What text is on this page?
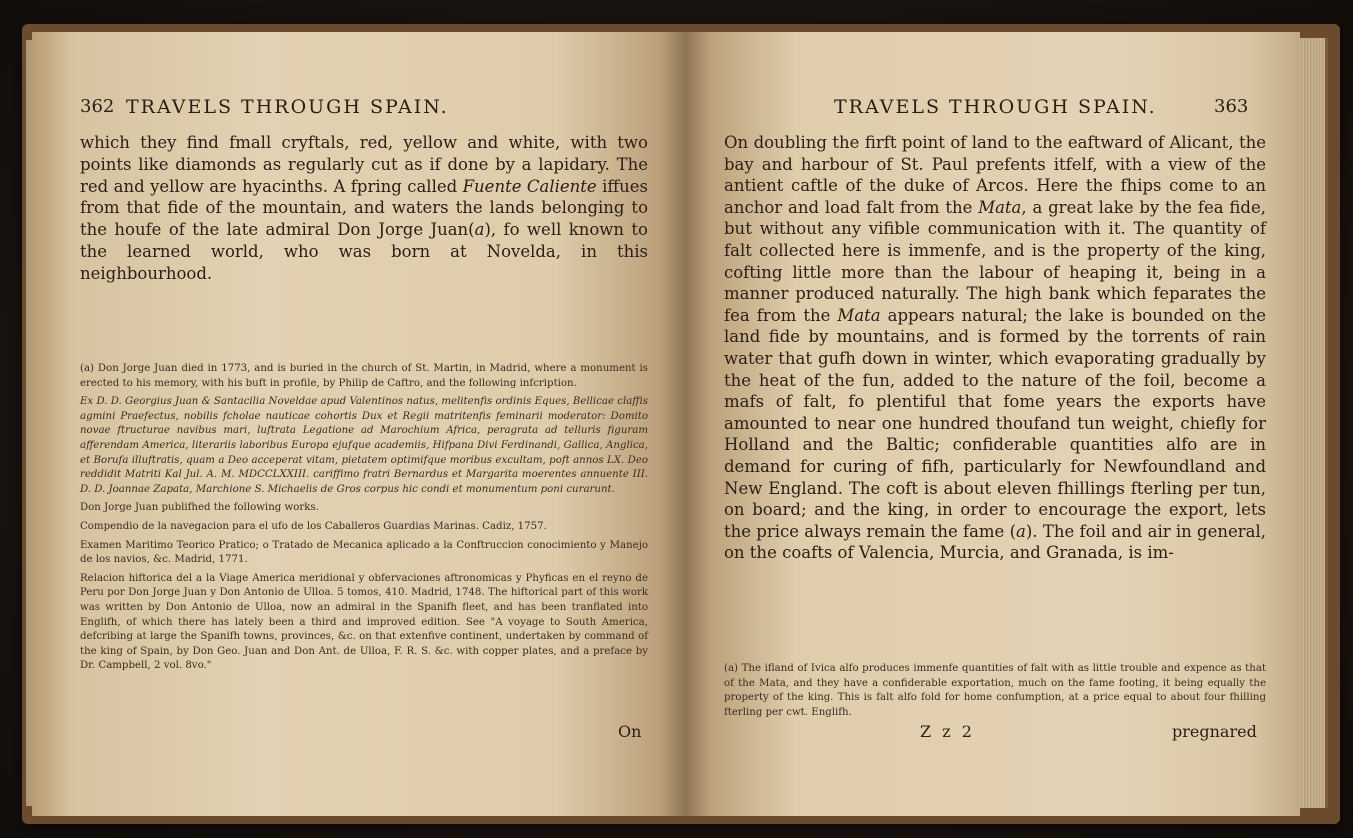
362 TRAVELS THROUGH SPAIN.
which they find fmall cryftals, red, yellow and white, with two points like diamonds as regularly cut as if done by a lapidary. The red and yellow are hyacinths. A fpring called Fuente Caliente iffues from that fide of the mountain, and waters the lands belonging to the houfe of the late admiral Don Jorge Juan(a), fo well known to the learned world, who was born at Novelda, in this neighbourhood.

(a) Don Jorge Juan died in 1773, and is buried in the church of St. Martin, in Madrid, where a monument is erected to his memory, with his buft in profile, by Philip de Caftro, and the following infcription.

Ex D. D. Georgius Juan & Santacilia Noveldae apud Valentinos natus, melitenfis ordinis Eques, Bellicae claffis agmini Praefectus, nobilis fcholae nauticae cohortis Dux et Regii matritenfis feminarii moderator: Domito novae ftructurae navibus mari, luftrata Legatione ad Marochium Africa, peragrata ad telluris figuram afferendam America, literariis laboribus Europa ejufque academiis, Hifpana Divi Ferdinandi, Gallica, Anglica, et Borufa illuftratis, quam a Deo acceperat vitam, pietatem optimifque moribus excultam, poft annos LX. Deo reddidit Matriti Kal Jul. A. M. MDCCLXXIII. cariffimo fratri Bernardus et Margarita moerentes annuente III. D. D. Joannae Zapata, Marchione S. Michaelis de Gros corpus hic condi et monumentum poni curarunt.

Don Jorge Juan publifhed the following works.

Compendio de la navegacion para el ufo de los Caballeros Guardias Marinas. Cadiz, 1757.

Examen Maritimo Teorico Pratico; o Tratado de Mecanica aplicado a la Conftruccion conocimiento y Manejo de los navios, &c. Madrid, 1771.

Relacion hiftorica del a la Viage America meridional y obfervaciones aftronomicas y Phyficas en el reyno de Peru por Don Jorge Juan y Don Antonio de Ulloa. 5 tomos, 410. Madrid, 1748. The hiftorical part of this work was written by Don Antonio de Ulloa, now an admiral in the Spanifh fleet, and has been tranflated into Englifh, of which there has lately been a third and improved edition. See "A voyage to South America, defcribing at large the Spanifh towns, provinces, &c. on that extenfive continent, undertaken by command of the king of Spain, by Don Geo. Juan and Don Ant. de Ulloa, F. R. S. &c. with copper plates, and a preface by Dr. Campbell, 2 vol. 8vo."

On
TRAVELS THROUGH SPAIN.	363
On doubling the firft point of land to the eaftward of Alicant, the bay and harbour of St. Paul prefents itfelf, with a view of the antient caftle of the duke of Arcos. Here the fhips come to an anchor and load falt from the Mata, a great lake by the fea fide, but without any vifible communication with it. The quantity of falt collected here is immenfe, and is the property of the king, cofting little more than the labour of heaping it, being in a manner produced naturally. The high bank which feparates the fea from the Mata appears natural; the lake is bounded on the land fide by mountains, and is formed by the torrents of rain water that gufh down in winter, which evaporating gradually by the heat of the fun, added to the nature of the foil, become a mafs of falt, fo plentiful that fome years the exports have amounted to near one hundred thoufand tun weight, chiefly for Holland and the Baltic; confiderable quantities alfo are in demand for curing of fifh, particularly for Newfoundland and New England. The coft is about eleven fhillings fterling per tun, on board; and the king, in order to encourage the export, lets the price always remain the fame (a). The foil and air in general, on the coafts of Valencia, Murcia, and Granada, is im-
(a) The ifland of Ivica alfo produces immenfe quantities of falt with as little trouble and expence as that of the Mata, and they have a confiderable exportation, much on the fame footing, it being equally the property of the king. This is falt alfo fold for home confumption, at a price equal to about four fhilling fterling per cwt. Englifh.
Z z 2	pregnared
